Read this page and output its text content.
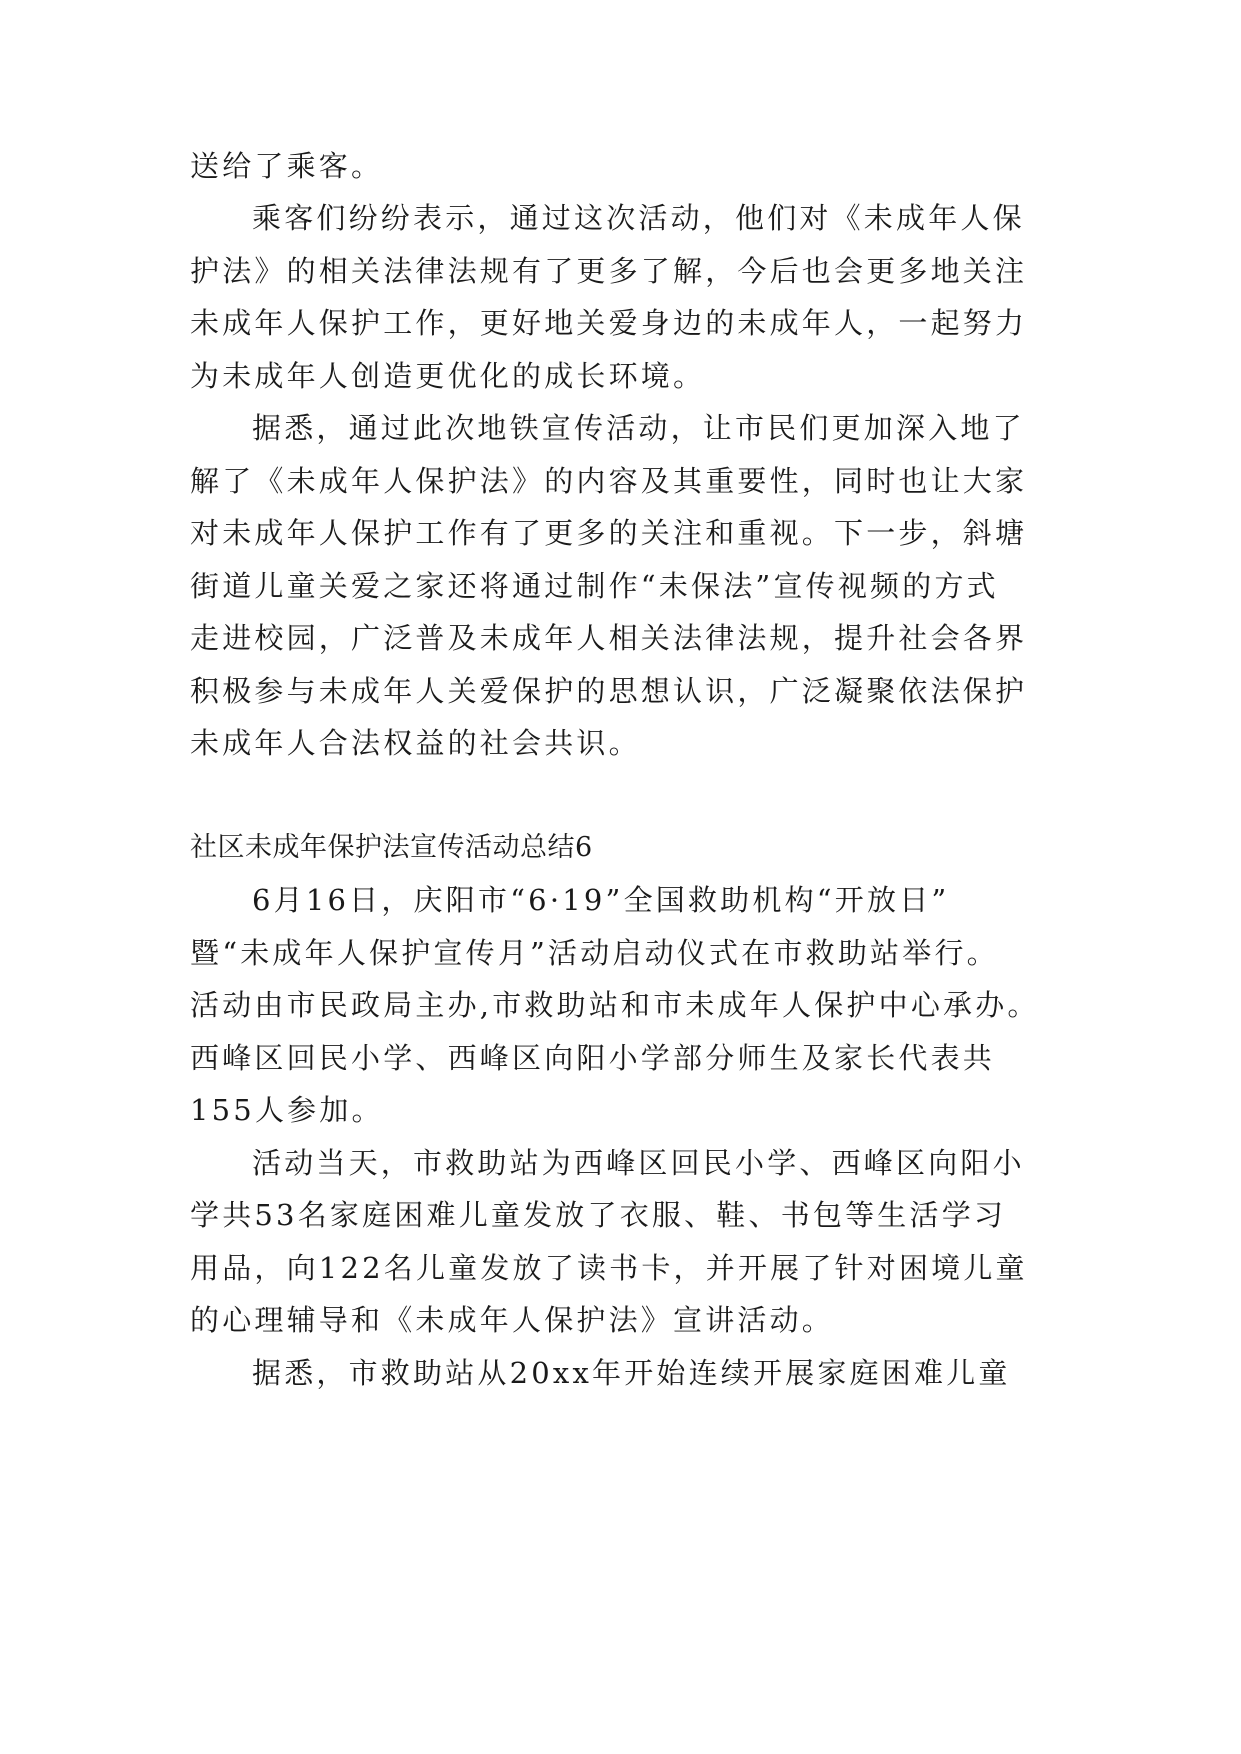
送给了乘客。
乘客们纷纷表示，通过这次活动，他们对《未成年人保
护法》的相关法律法规有了更多了解，今后也会更多地关注
未成年人保护工作，更好地关爱身边的未成年人，一起努力
为未成年人创造更优化的成长环境。
据悉，通过此次地铁宣传活动，让市民们更加深入地了
解了《未成年人保护法》的内容及其重要性，同时也让大家
对未成年人保护工作有了更多的关注和重视。下一步，斜塘
街道儿童关爱之家还将通过制作“未保法”宣传视频的方式
走进校园，广泛普及未成年人相关法律法规，提升社会各界
积极参与未成年人关爱保护的思想认识，广泛凝聚依法保护
未成年人合法权益的社会共识。
社区未成年保护法宣传活动总结6
6月16日，庆阳市“6·19”全国救助机构“开放日”
暨“未成年人保护宣传月”活动启动仪式在市救助站举行。
活动由市民政局主办,市救助站和市未成年人保护中心承办。
西峰区回民小学、西峰区向阳小学部分师生及家长代表共
155人参加。
活动当天，市救助站为西峰区回民小学、西峰区向阳小
学共53名家庭困难儿童发放了衣服、鞋、书包等生活学习
用品，向122名儿童发放了读书卡，并开展了针对困境儿童
的心理辅导和《未成年人保护法》宣讲活动。
据悉，市救助站从20xx年开始连续开展家庭困难儿童
